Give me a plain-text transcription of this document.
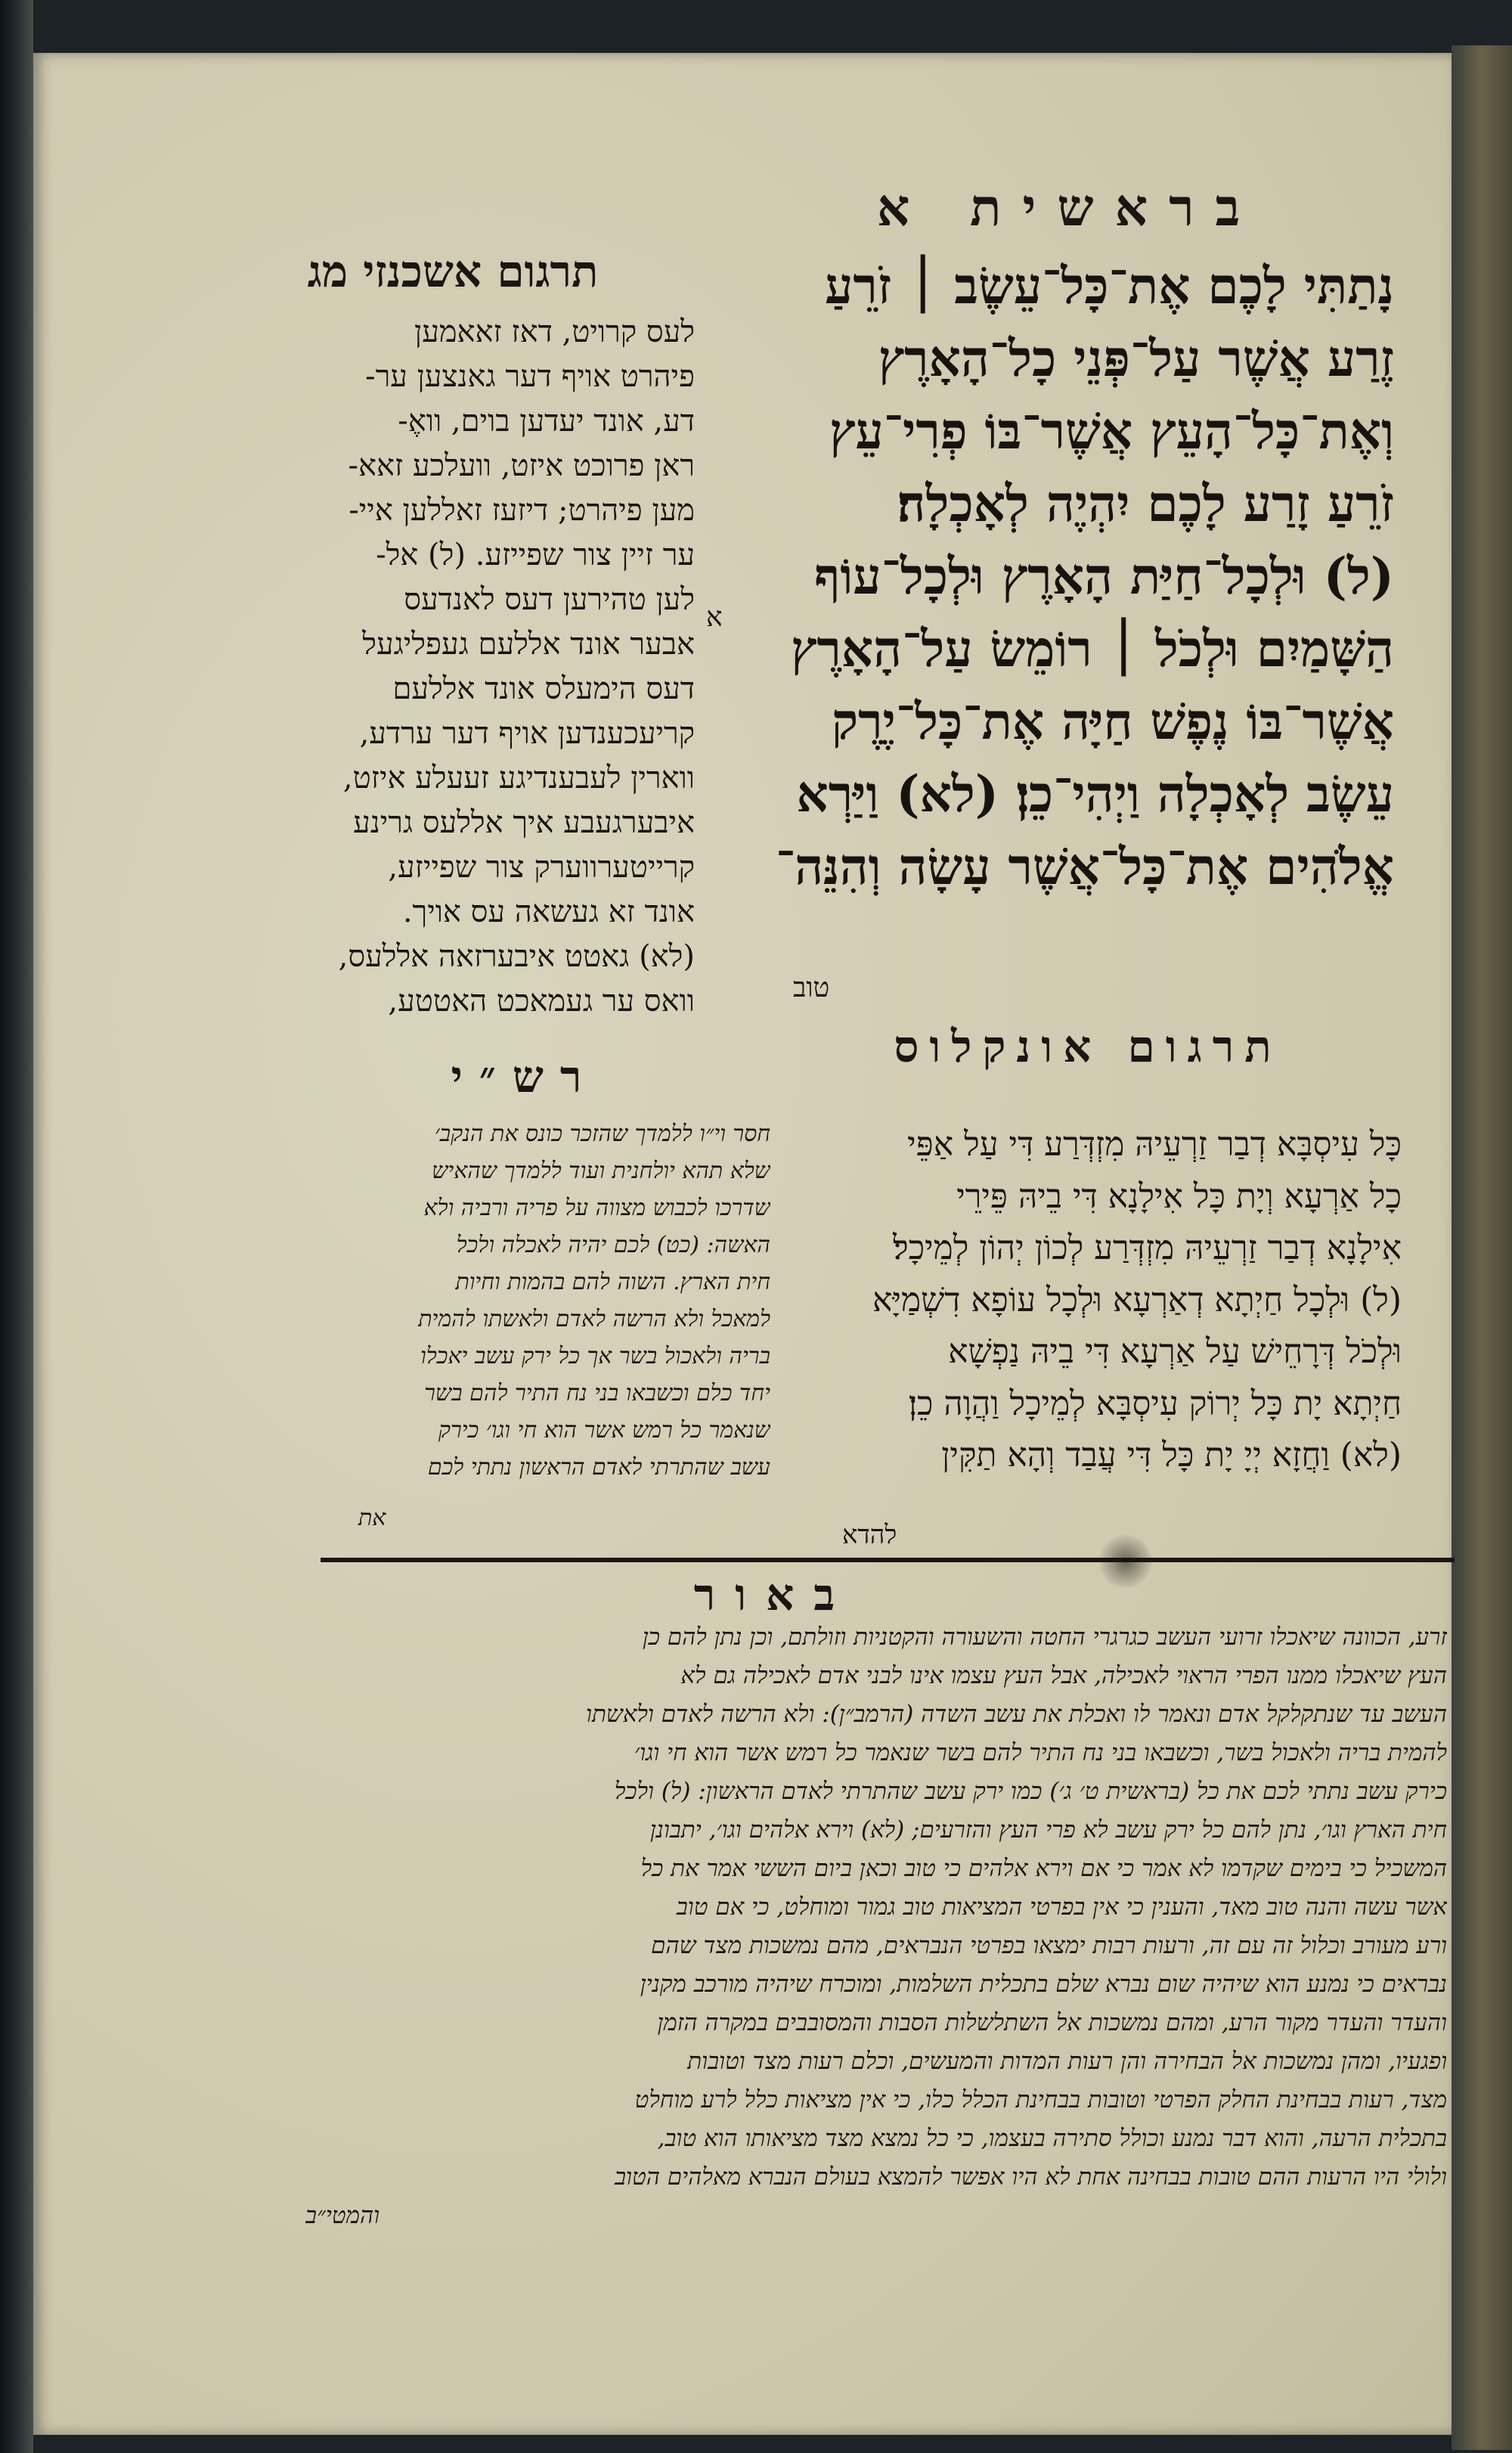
בראשית א
תרגום אשכנזי מג	נָתַתִּי לָכֶם אֶת־כָּל־עֵשֶׂב ׀ זֹרֵעַ
זֶרַע אֲשֶׁר עַל־פְּנֵי כָל־הָאָרֶץ
וְאֶת־כָּל־הָעֵץ אֲשֶׁר־בּוֹ פְרִי־עֵץ
זֹרֵעַ זָרַע לָכֶם יִהְיֶה לְאָכְלָה׃
(ל) וּלְכָל־חַיַּת הָאָרֶץ וּלְכָל־עוֹף
הַשָּׁמַיִם וּלְכֹל ׀ רוֹמֵשׂ עַל־הָאָרֶץ
אֲשֶׁר־בּוֹ נֶפֶשׁ חַיָּה אֶת־כָּל־יֶרֶק
עֵשֶׂב לְאָכְלָה וַיְהִי־כֵן׃ (לא) וַיַּרְא
אֱלֹהִים אֶת־כָּל־אֲשֶׁר עָשָׂה וְהִנֵּה־
טוב
א
לעס קרויט, דאז זאאמען
פיהרט אויף דער גאנצען ער-
דע, אונד יעדען בוים, וואֶ-
ראן פרוכט איזט, וועלכע זאא-
מען פיהרט; דיזעז זאללען איי-
ער זיין צור שפייזע. (ל) אל-
לען טהירען דעס לאנדעס
אבער אונד אללעם געפליגעל
דעס הימעלס אונד אללעם
קריעכענדען אויף דער ערדע,
ווארין לעבענדיגע זעעלע איזט,
איבערגעבע איך אללעס גרינע
קרייטערווערק צור שפייזע,
אונד זא געשאה עס אויך.
(לא) גאטט איבערזאה אללעס,
וואס ער געמאכט האטטע,
תרגום אונקלוס
רש״י
כָּל עִיסְבָּא דְבַר זַרְעֵיהּ מִזְדְּרַע דִּי עַל אַפֵּי
כָל אַרְעָא וְיָת כָּל אִילָנָא דִּי בֵיהּ פֵּירֵי
אִילָנָא דְבַר זַרְעֵיהּ מִזְדְּרַע לְכוֹן יְהוֹן לְמֵיכָל׃
(ל) וּלְכָל חַיְתָא דְאַרְעָא וּלְכָל עוֹפָא דִשְׁמַיָּא
וּלְכֹל דְּרָחֵישׁ עַל אַרְעָא דִּי בֵיהּ נַפְשָׁא
חַיְתָא יָת כָּל יְרוֹק עִיסְבָּא לְמֵיכָל וַהֲוָה כֵן׃
(לא) וַחֲזָא יְיָ יָת כָּל דִּי עֲבַד וְהָא תַקִּין
להדא
חסר וי״ו ללמדך שהזכר כונס את הנקב׳
שלא תהא יולחנית ועוד ללמדך שהאיש
שדרכו לכבוש מצווה על פריה ורביה ולא
האשה: (כט) לכם יהיה לאכלה ולכל
חית הארץ. השוה להם בהמות וחיות
למאכל ולא הרשה לאדם ולאשתו להמית
בריה ולאכול בשר אך כל ירק עשב יאכלו
יחד כלם וכשבאו בני נח התיר להם בשר
שנאמר כל רמש אשר הוא חי וגו׳ כירק
עשב שהתרתי לאדם הראשון נתתי לכם
את
באור
זרע, הכוונה שיאכלו זרועי העשב כגרגרי החטה והשעורה והקטניות וזולתם, וכן נתן להם כן
העץ שיאכלו ממנו הפרי הראוי לאכילה, אבל העץ עצמו אינו לבני אדם לאכילה גם לא
העשב עד שנתקלקל אדם ונאמר לו ואכלת את עשב השדה (הרמב״ן): ולא הרשה לאדם ולאשתו
להמית בריה ולאכול בשר, וכשבאו בני נח התיר להם בשר שנאמר כל רמש אשר הוא חי וגו׳
כירק עשב נתתי לכם את כל (בראשית ט׳ ג׳) כמו ירק עשב שהתרתי לאדם הראשון: (ל) ולכל
חית הארץ וגו׳, נתן להם כל ירק עשב לא פרי העץ והזרעים; (לא) וירא אלהים וגו׳, יתבונן
המשכיל כי בימים שקדמו לא אמר כי אם וירא אלהים כי טוב וכאן ביום הששי אמר את כל
אשר עשה והנה טוב מאד, והענין כי אין בפרטי המציאות טוב גמור ומוחלט, כי אם טוב
ורע מעורב וכלול זה עם זה, ורעות רבות ימצאו בפרטי הנבראים, מהם נמשכות מצד שהם
נבראים כי נמנע הוא שיהיה שום נברא שלם בתכלית השלמות, ומוכרח שיהיה מורכב מקנין
והעדר והעדר מקור הרע, ומהם נמשכות אל השתלשלות הסבות והמסובבים במקרה הזמן
ופגעיו, ומהן נמשכות אל הבחירה והן רעות המדות והמעשים, וכלם רעות מצד וטובות
מצד, רעות בבחינת החלק הפרטי וטובות בבחינת הכלל כלו, כי אין מציאות כלל לרע מוחלט
בתכלית הרעה, והוא דבר נמנע וכולל סתירה בעצמו, כי כל נמצא מצד מציאותו הוא טוב,
ולולי היו הרעות ההם טובות בבחינה אחת לא היו אפשר להמצא בעולם הנברא מאלהים הטוב
והמטי״ב
